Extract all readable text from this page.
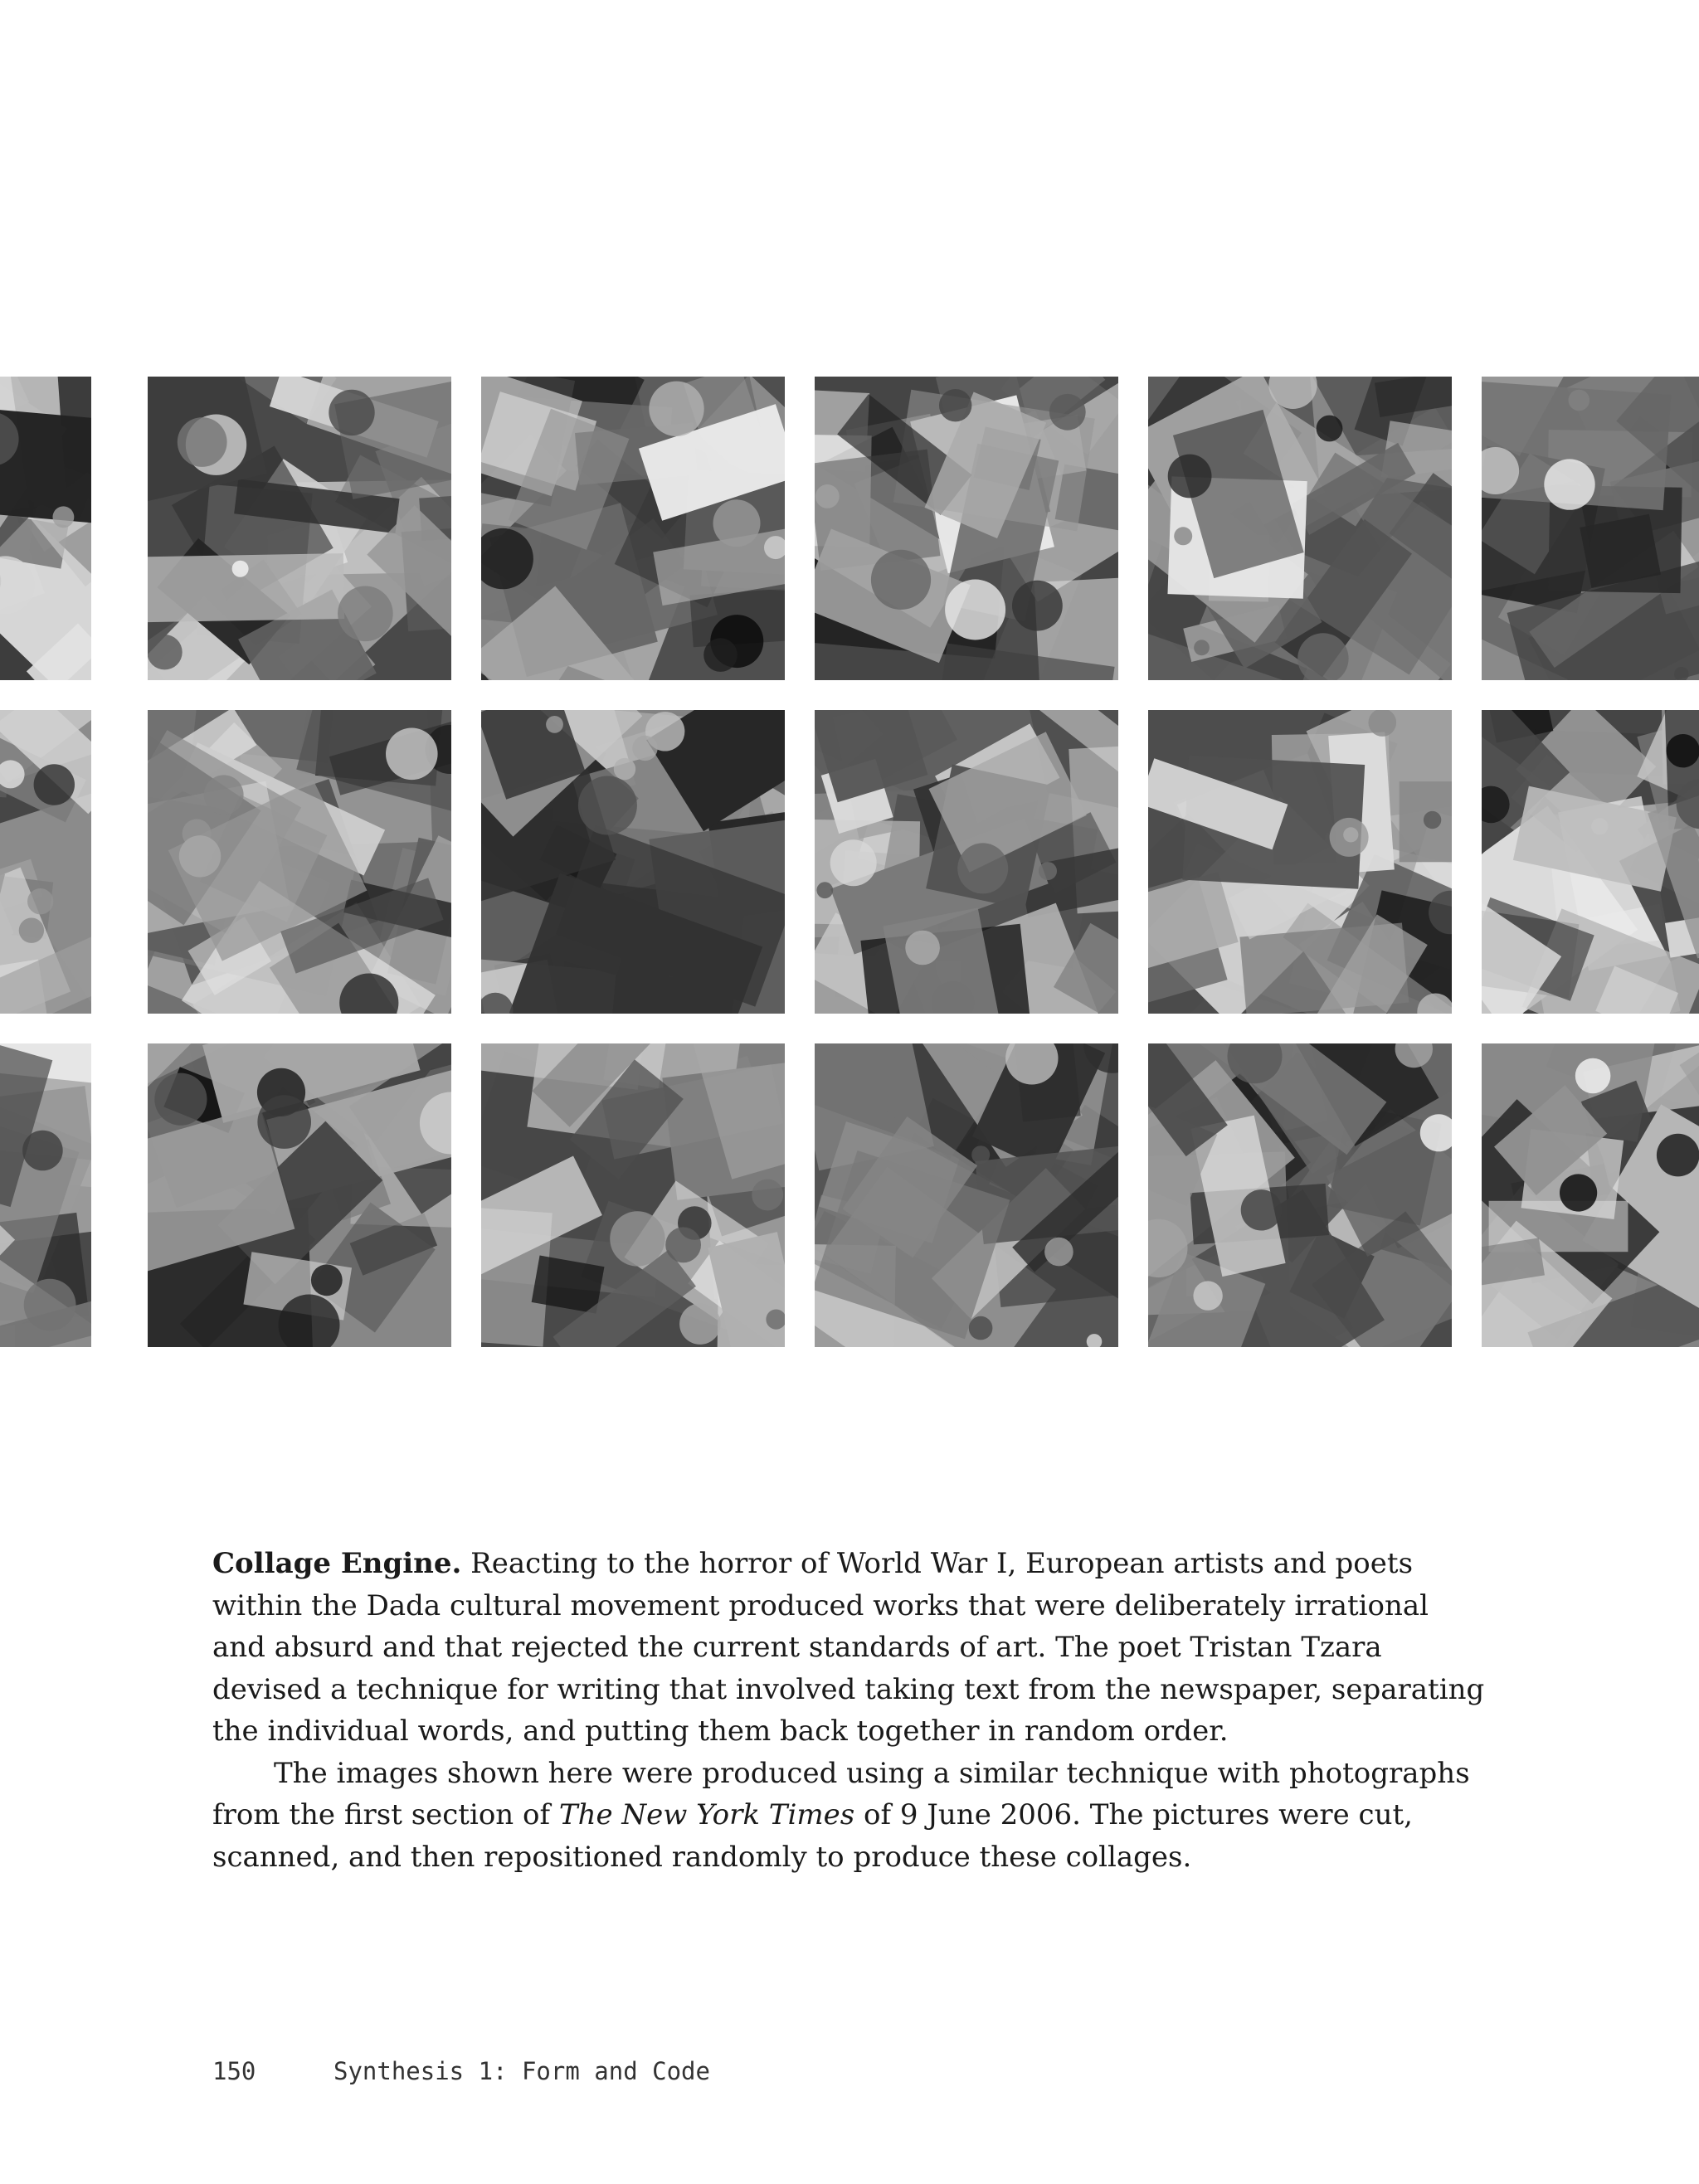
Collage Engine. Reacting to the horror of World War I, European artists and poets within the Dada cultural movement produced works that were deliberately irrational and absurd and that rejected the current standards of art. The poet Tristan Tzara devised a technique for writing that involved taking text from the newspaper, separating the individual words, and putting them back together in random order.

The images shown here were produced using a similar technique with photographs from the first section of The New York Times of 9 June 2006. The pictures were cut, scanned, and then repositioned randomly to produce these collages.

150	Synthesis 1: Form and Code
